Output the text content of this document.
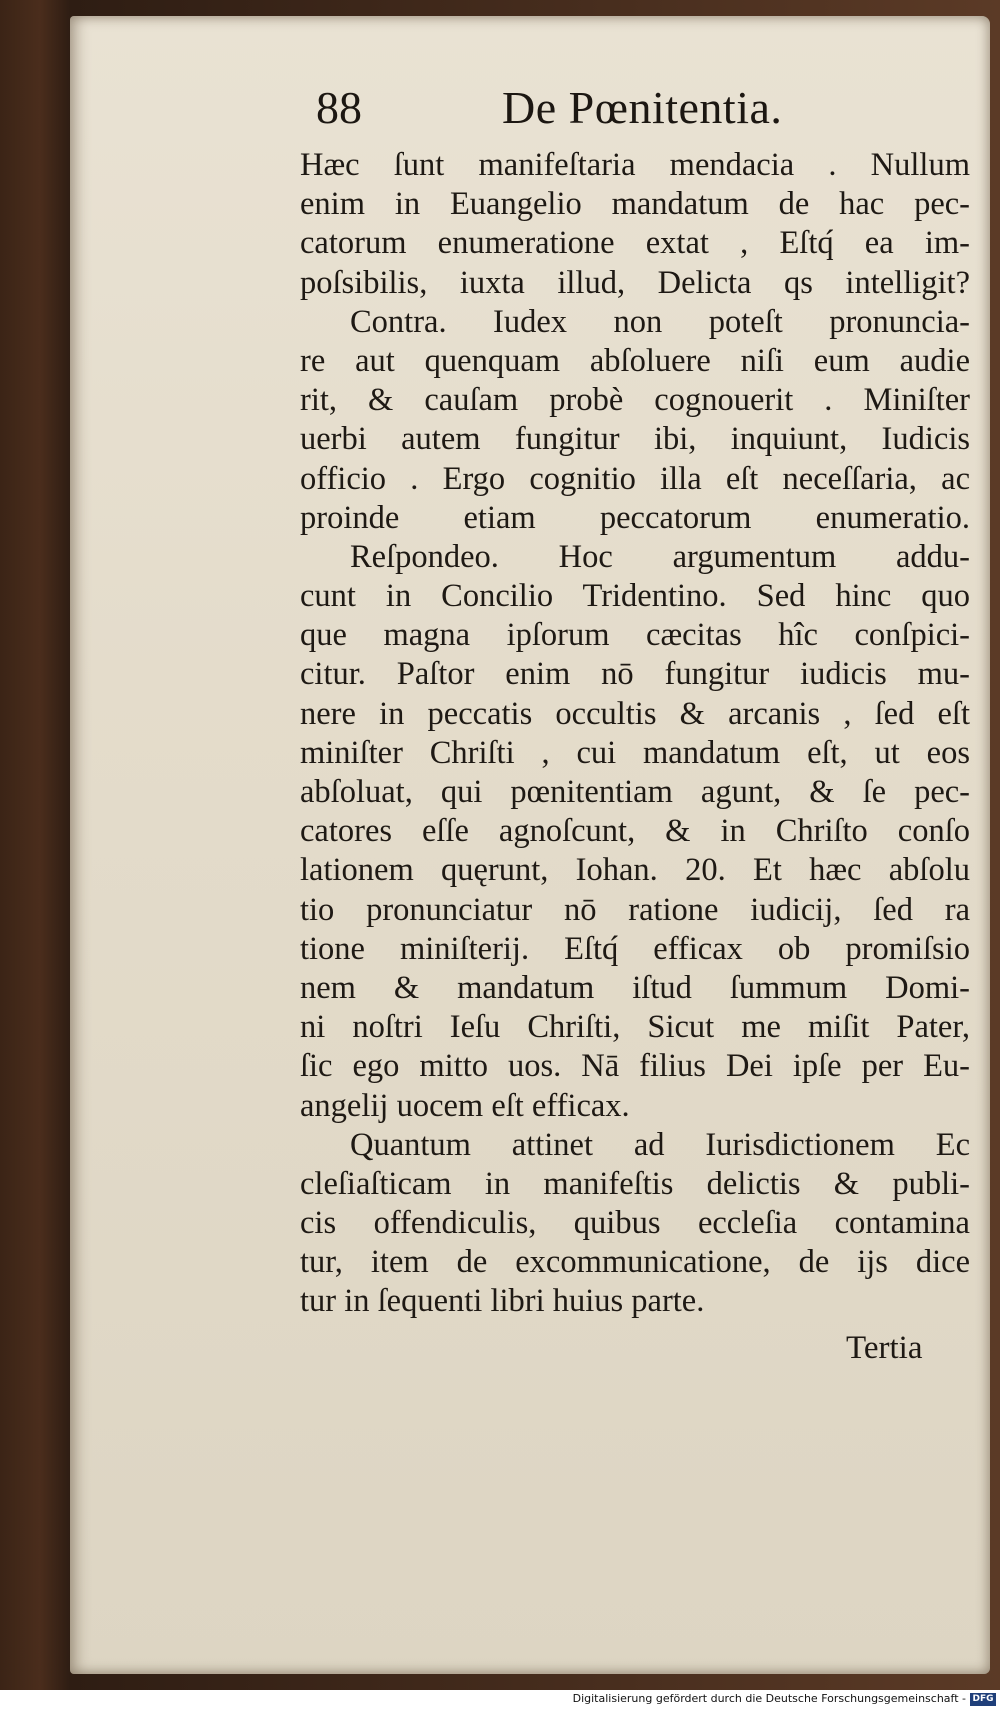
88	De Pœnitentia.
Hæc ſunt manifeſtaria mendacia . Nullum
enim in Euangelio mandatum de hac pec-
catorum enumeratione extat , Eſtq́ ea im-
poſsibilis, iuxta illud, Delicta qs intelligit?
Contra. Iudex non poteſt pronuncia-
re aut quenquam abſoluere niſi eum audie
rit, & cauſam probè cognouerit . Miniſter
uerbi autem fungitur ibi, inquiunt, Iudicis
officio . Ergo cognitio illa eſt neceſſaria, ac
proinde etiam peccatorum enumeratio.
Reſpondeo. Hoc argumentum addu-
cunt in Concilio Tridentino. Sed hinc quo
que magna ipſorum cæcitas hîc conſpici-
citur. Paſtor enim nō fungitur iudicis mu-
nere in peccatis occultis & arcanis , ſed eſt
miniſter Chriſti , cui mandatum eſt, ut eos
abſoluat, qui pœnitentiam agunt, & ſe pec-
catores eſſe agnoſcunt, & in Chriſto conſo
lationem quęrunt, Iohan. 20. Et hæc abſolu
tio pronunciatur nō ratione iudicij, ſed ra
tione miniſterij. Eſtq́ efficax ob promiſsio
nem & mandatum iſtud ſummum Domi-
ni noſtri Ieſu Chriſti, Sicut me miſit Pater,
ſic ego mitto uos. Nā filius Dei ipſe per Eu-
angelij uocem eſt efficax.
Quantum attinet ad Iurisdictionem Ec
cleſiaſticam in manifeſtis delictis & publi-
cis offendiculis, quibus eccleſia contamina
tur, item de excommunicatione, de ijs dice
tur in ſequenti libri huius parte.
Tertia
Digitalisierung gefördert durch die Deutsche Forschungsgemeinschaft - DFG
